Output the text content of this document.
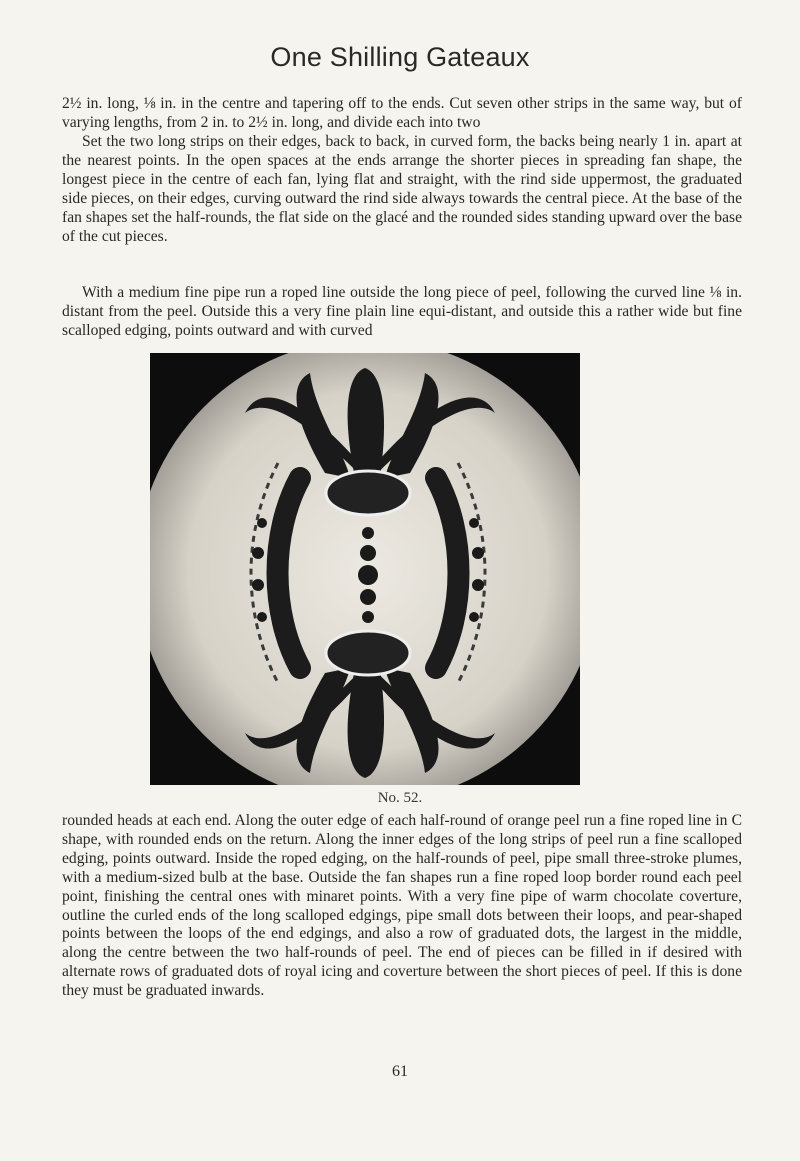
One Shilling Gateaux

2½ in. long, ⅛ in. in the centre and tapering off to the ends. Cut seven other strips in the same way, but of varying lengths, from 2 in. to 2½ in. long, and divide each into two

Set the two long strips on their edges, back to back, in curved form, the backs being nearly 1 in. apart at the nearest points. In the open spaces at the ends arrange the shorter pieces in spreading fan shape, the longest piece in the centre of each fan, lying flat and straight, with the rind side uppermost, the graduated side pieces, on their edges, curving outward the rind side always towards the central piece. At the base of the fan shapes set the half-rounds, the flat side on the glacé and the rounded sides standing upward over the base of the cut pieces.

With a medium fine pipe run a roped line outside the long piece of peel, following the curved line ⅛ in. distant from the peel. Outside this a very fine plain line equi-distant, and outside this a rather wide but fine scalloped edging, points outward and with curved

No. 52.

rounded heads at each end. Along the outer edge of each half-round of orange peel run a fine roped line in C shape, with rounded ends on the return. Along the inner edges of the long strips of peel run a fine scalloped edging, points outward. Inside the roped edging, on the half-rounds of peel, pipe small three-stroke plumes, with a medium-sized bulb at the base. Outside the fan shapes run a fine roped loop border round each peel point, finishing the central ones with minaret points. With a very fine pipe of warm chocolate coverture, outline the curled ends of the long scalloped edgings, pipe small dots between their loops, and pear-shaped points between the loops of the end edgings, and also a row of graduated dots, the largest in the middle, along the centre between the two half-rounds of peel. The end of pieces can be filled in if desired with alternate rows of graduated dots of royal icing and coverture between the short pieces of peel. If this is done they must be graduated inwards.

61
